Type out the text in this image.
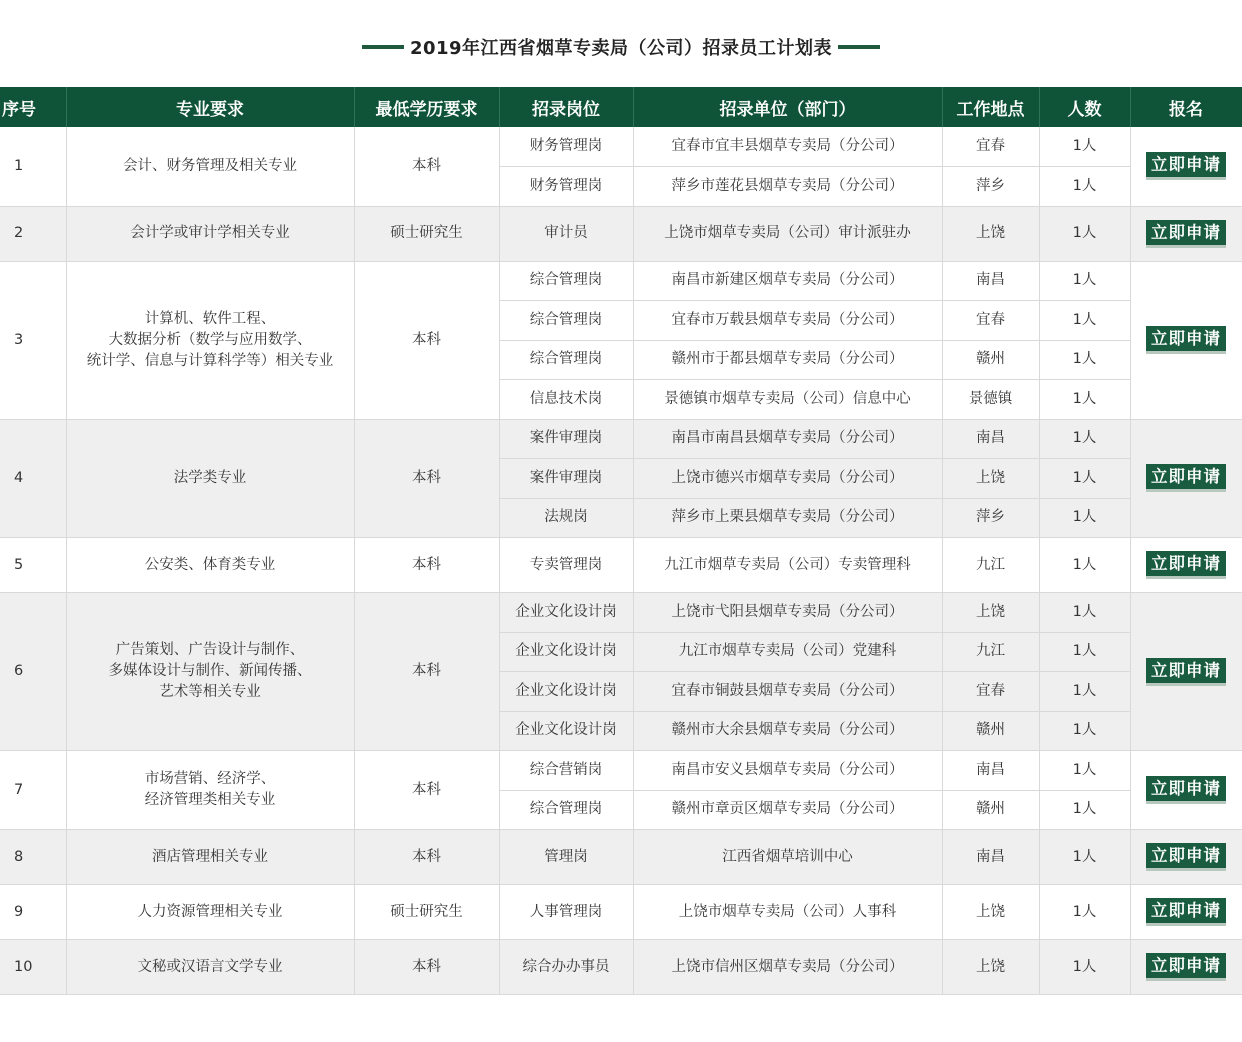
2019年江西省烟草专卖局（公司）招录员工计划表
序号	专业要求	最低学历要求	招录岗位	招录单位（部门）	工作地点	人数	报名
1	会计、财务管理及相关专业	本科	财务管理岗	宜春市宜丰县烟草专卖局（分公司）	宜春	1人	立即申请
			财务管理岗	萍乡市莲花县烟草专卖局（分公司）	萍乡	1人	
2	会计学或审计学相关专业	硕士研究生	审计员	上饶市烟草专卖局（公司）审计派驻办	上饶	1人	立即申请
3	计算机、软件工程、
大数据分析（数学与应用数学、
统计学、信息与计算科学等）相关专业	本科	综合管理岗	南昌市新建区烟草专卖局（分公司）	南昌	1人	立即申请
			综合管理岗	宜春市万载县烟草专卖局（分公司）	宜春	1人	
			综合管理岗	赣州市于都县烟草专卖局（分公司）	赣州	1人	
			信息技术岗	景德镇市烟草专卖局（公司）信息中心	景德镇	1人	
4	法学类专业	本科	案件审理岗	南昌市南昌县烟草专卖局（分公司）	南昌	1人	立即申请
			案件审理岗	上饶市德兴市烟草专卖局（分公司）	上饶	1人	
			法规岗	萍乡市上栗县烟草专卖局（分公司）	萍乡	1人	
5	公安类、体育类专业	本科	专卖管理岗	九江市烟草专卖局（公司）专卖管理科	九江	1人	立即申请
6	广告策划、广告设计与制作、
多媒体设计与制作、新闻传播、
艺术等相关专业	本科	企业文化设计岗	上饶市弋阳县烟草专卖局（分公司）	上饶	1人	立即申请
			企业文化设计岗	九江市烟草专卖局（公司）党建科	九江	1人	
			企业文化设计岗	宜春市铜鼓县烟草专卖局（分公司）	宜春	1人	
			企业文化设计岗	赣州市大余县烟草专卖局（分公司）	赣州	1人	
7	市场营销、经济学、
经济管理类相关专业	本科	综合营销岗	南昌市安义县烟草专卖局（分公司）	南昌	1人	立即申请
			综合管理岗	赣州市章贡区烟草专卖局（分公司）	赣州	1人	
8	酒店管理相关专业	本科	管理岗	江西省烟草培训中心	南昌	1人	立即申请
9	人力资源管理相关专业	硕士研究生	人事管理岗	上饶市烟草专卖局（公司）人事科	上饶	1人	立即申请
10	文秘或汉语言文学专业	本科	综合办办事员	上饶市信州区烟草专卖局（分公司）	上饶	1人	立即申请
